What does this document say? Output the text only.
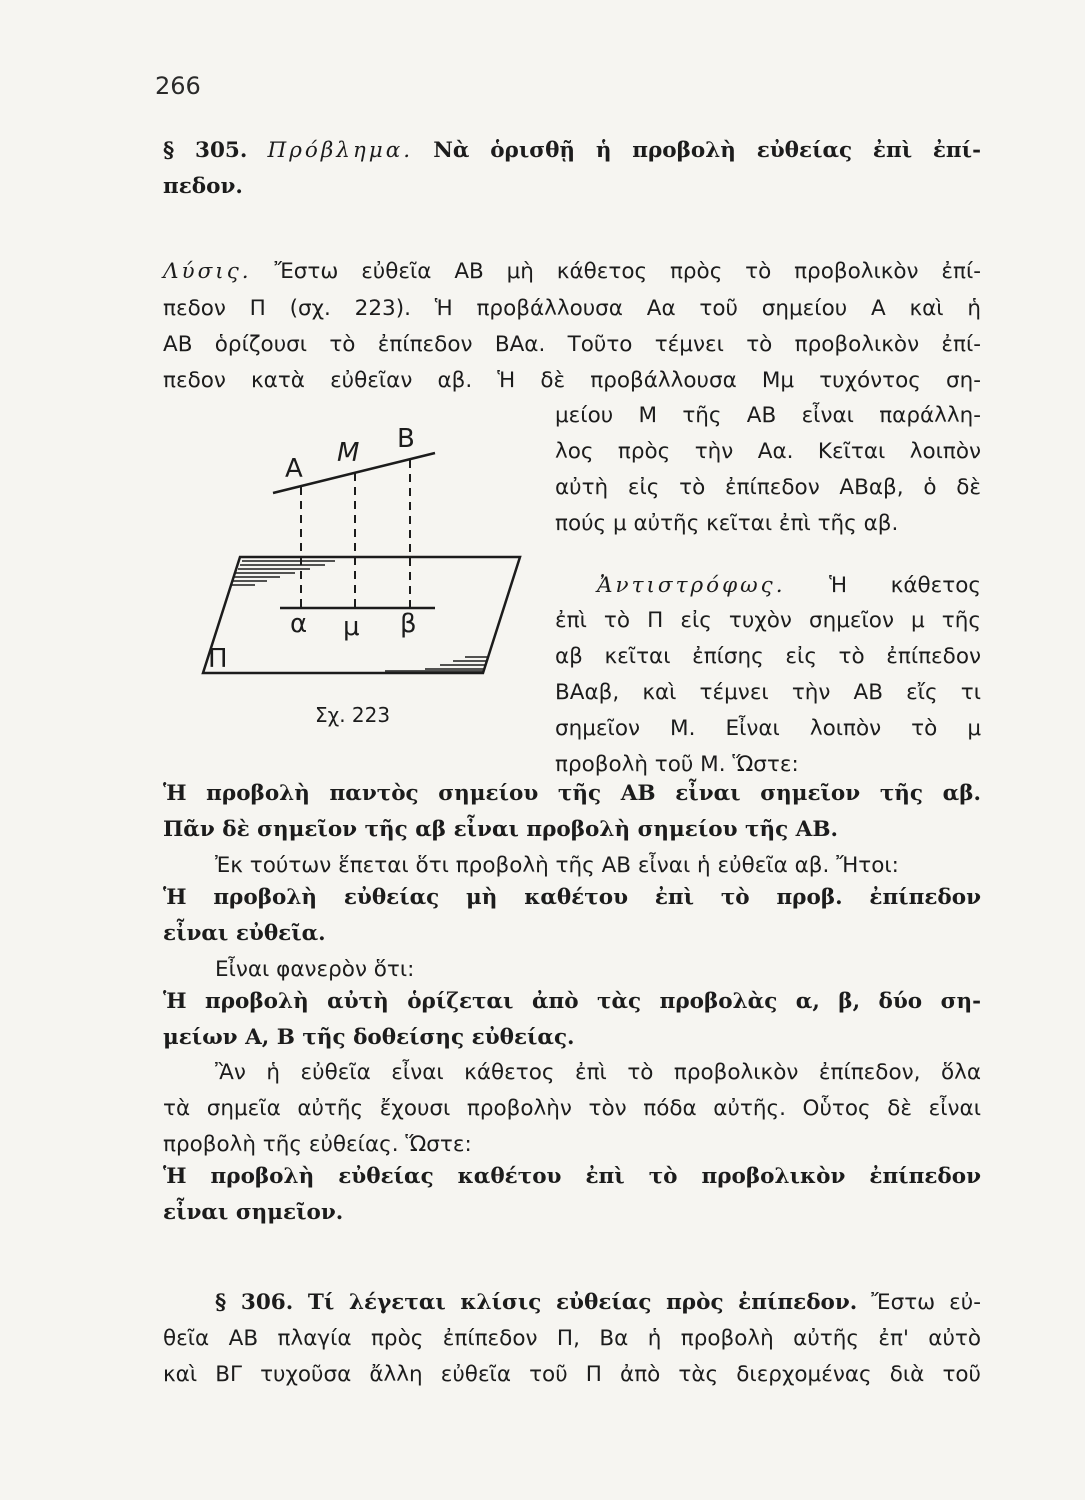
266
§ 305. Πρόβλημα. Νὰ ὁρισθῇ ἡ προβολὴ εὐθείας ἐπὶ ἐπί-
πεδον.
Λύσις. Ἔστω εὐθεῖα ΑΒ μὴ κάθετος πρὸς τὸ προβολικὸν ἐπί-
πεδον Π (σχ. 223). Ἡ προβάλλουσα Αα τοῦ σημείου Α καὶ ἡ
ΑΒ ὁρίζουσι τὸ ἐπίπεδον ΒΑα. Τοῦτο τέμνει τὸ προβολικὸν ἐπί-
πεδον κατὰ εὐθεῖαν αβ. Ἡ δὲ προβάλλουσα Μμ τυχόντος ση-
μείου Μ τῆς ΑΒ εἶναι παράλλη-
λος πρὸς τὴν Αα. Κεῖται λοιπὸν
αὐτὴ εἰς τὸ ἐπίπεδον ΑΒαβ, ὁ δὲ
πούς μ αὐτῆς κεῖται ἐπὶ τῆς αβ.
Ἀντιστρόφως. Ἡ κάθετος
ἐπὶ τὸ Π εἰς τυχὸν σημεῖον μ τῆς
αβ κεῖται ἐπίσης εἰς τὸ ἐπίπεδον
ΒΑαβ, καὶ τέμνει τὴν ΑΒ εἴς τι
σημεῖον Μ. Εἶναι λοιπὸν τὸ μ
προβολὴ τοῦ Μ. Ὥστε:
Α
Μ Β
α μ β
Π
Σχ. 223
Ἡ προβολὴ παντὸς σημείου τῆς ΑΒ εἶναι σημεῖον τῆς αβ.
Πᾶν δὲ σημεῖον τῆς αβ εἶναι προβολὴ σημείου τῆς ΑΒ.
Ἐκ τούτων ἕπεται ὅτι προβολὴ τῆς ΑΒ εἶναι ἡ εὐθεῖα αβ. Ἤτοι:
Ἡ προβολὴ εὐθείας μὴ καθέτου ἐπὶ τὸ προβ. ἐπίπεδον
εἶναι εὐθεῖα.
Εἶναι φανερὸν ὅτι:
Ἡ προβολὴ αὐτὴ ὁρίζεται ἀπὸ τὰς προβολὰς α, β, δύο ση-
μείων Α, Β τῆς δοθείσης εὐθείας.
Ἂν ἡ εὐθεῖα εἶναι κάθετος ἐπὶ τὸ προβολικὸν ἐπίπεδον, ὅλα
τὰ σημεῖα αὐτῆς ἔχουσι προβολὴν τὸν πόδα αὐτῆς. Οὗτος δὲ εἶναι
προβολὴ τῆς εὐθείας. Ὥστε:
Ἡ προβολὴ εὐθείας καθέτου ἐπὶ τὸ προβολικὸν ἐπίπεδον
εἶναι σημεῖον.
§ 306. Τί λέγεται κλίσις εὐθείας πρὸς ἐπίπεδον. Ἔστω εὐ-
θεῖα ΑΒ πλαγία πρὸς ἐπίπεδον Π, Βα ἡ προβολὴ αὐτῆς ἐπ' αὐτὸ
καὶ ΒΓ τυχοῦσα ἄλλη εὐθεῖα τοῦ Π ἀπὸ τὰς διερχομένας διὰ τοῦ
